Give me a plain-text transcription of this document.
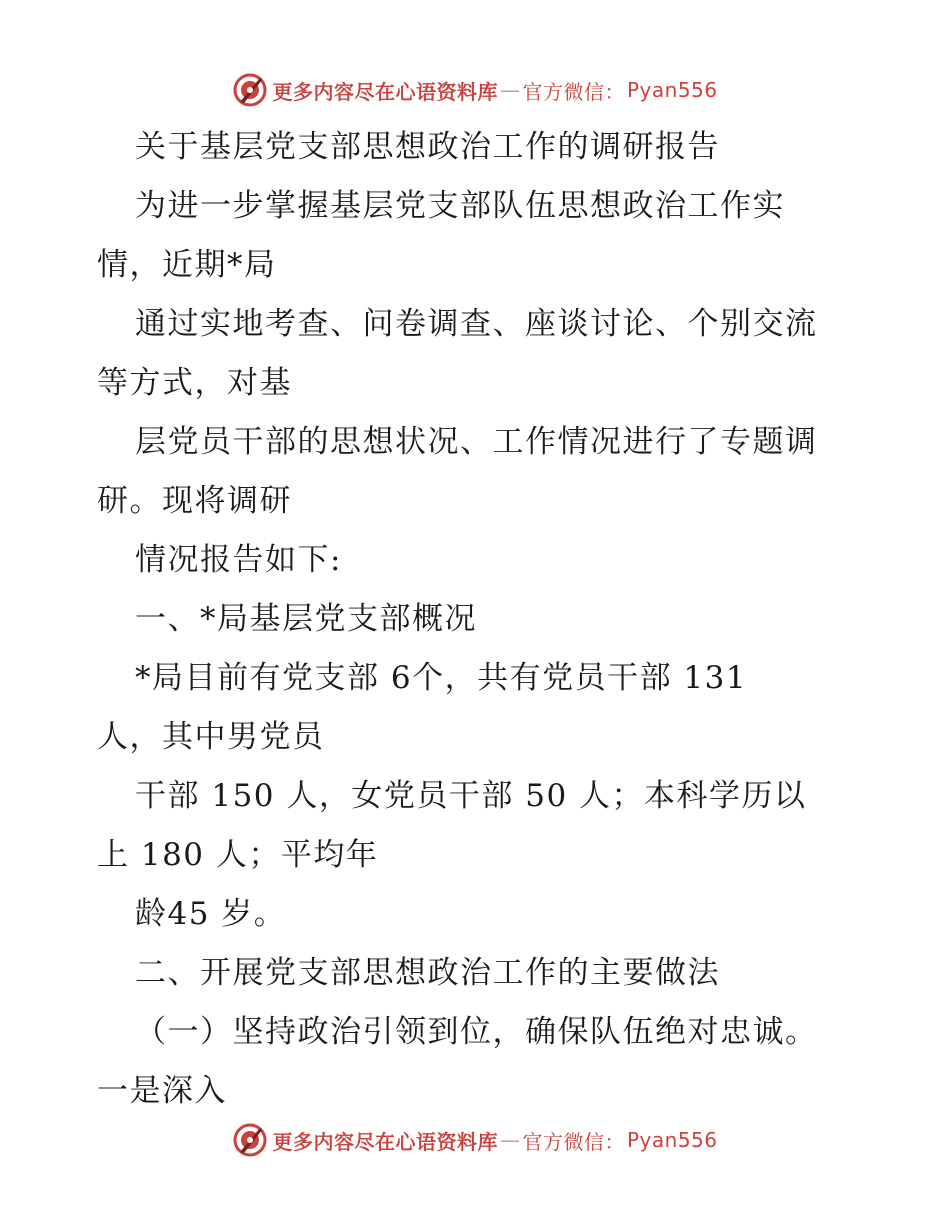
更多内容尽在心语资料库 — 官方微信： Pyan556
关于基层党支部思想政治工作的调研报告
为进一步掌握基层党支部队伍思想政治工作实
情，近期*局
通过实地考查、问卷调查、座谈讨论、个别交流
等方式，对基
层党员干部的思想状况、工作情况进行了专题调
研。现将调研
情况报告如下:
一、*局基层党支部概况
*局目前有党支部 6个，共有党员干部 131
人，其中男党员
干部 150 人，女党员干部 50 人；本科学历以
上 180 人；平均年
龄45 岁。
二、开展党支部思想政治工作的主要做法
（一）坚持政治引领到位，确保队伍绝对忠诚。
一是深入
更多内容尽在心语资料库 — 官方微信： Pyan556
